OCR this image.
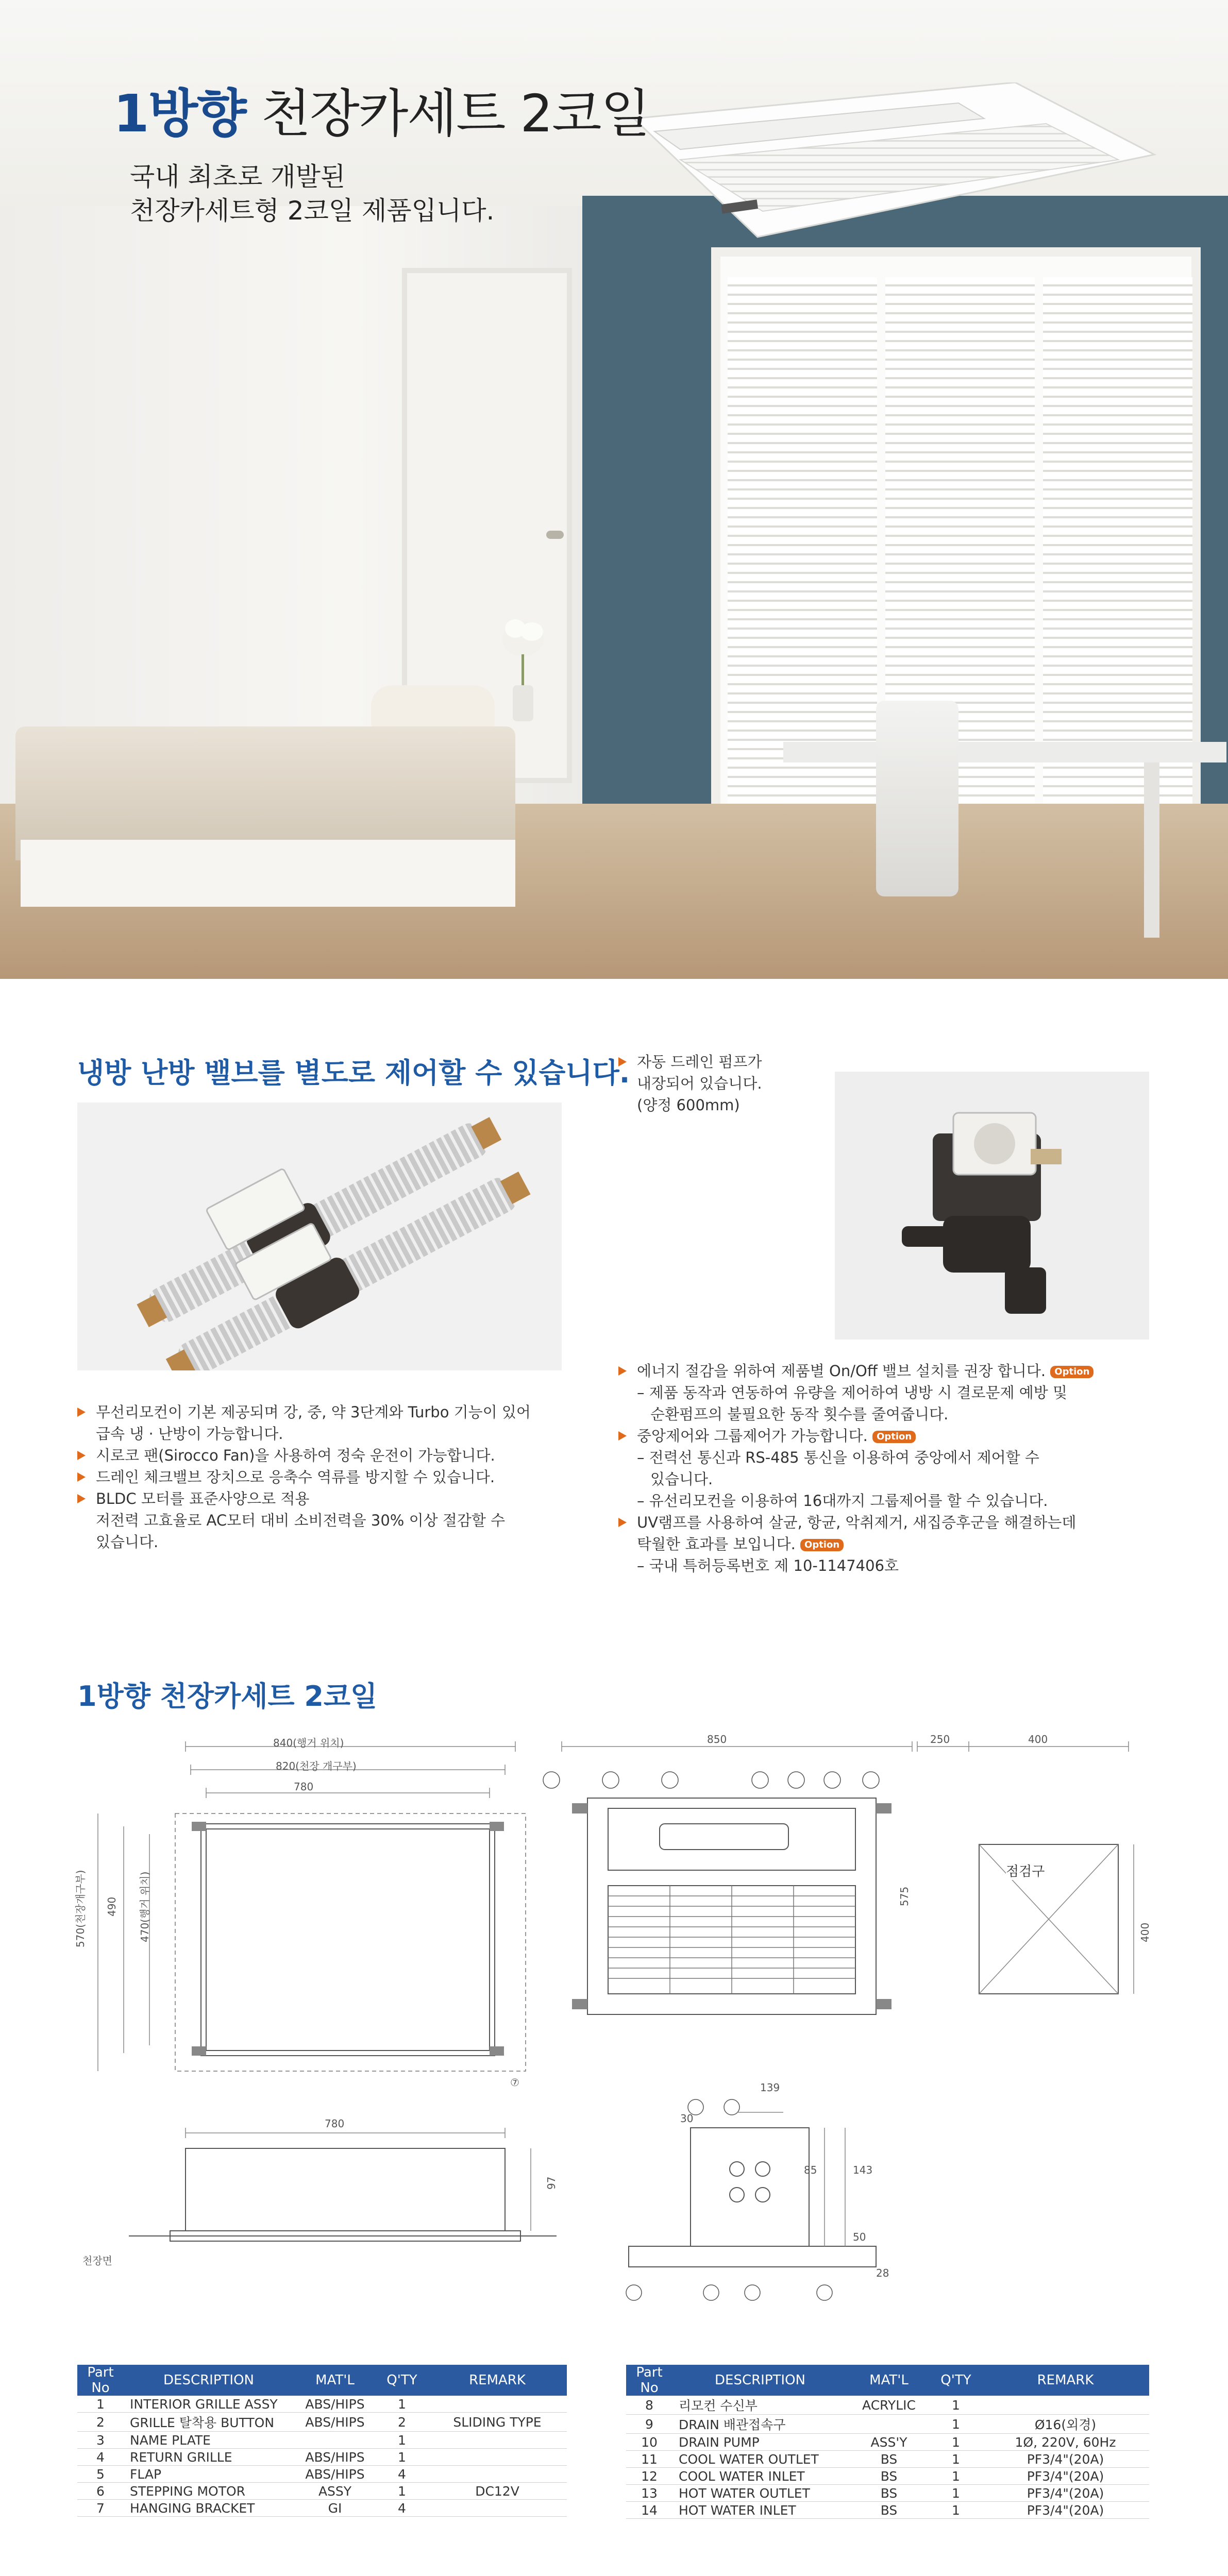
1방향 천장카세트 2코일
국내 최초로 개발된
천장카세트형 2코일 제품입니다.
냉방 난방 밸브를 별도로 제어할 수 있습니다.
무선리모컨이 기본 제공되며 강, 중, 약 3단계와 Turbo 기능이 있어
급속 냉 · 난방이 가능합니다.
시로코 팬(Sirocco Fan)을 사용하여 정숙 운전이 가능합니다.
드레인 체크밸브 장치으로 응축수 역류를 방지할 수 있습니다.
BLDC 모터를 표준사양으로 적용
저전력 고효율로 AC모터 대비 소비전력을 30% 이상 절감할 수
있습니다.
자동 드레인 펌프가
내장되어 있습니다.
(양정 600mm)
에너지 절감을 위하여 제품별 On/Off 밸브 설치를 권장 합니다. Option
– 제품 동작과 연동하여 유량을 제어하여 냉방 시 결로문제 예방 및
순환펌프의 불필요한 동작 횟수를 줄여줍니다.
중앙제어와 그룹제어가 가능합니다. Option
– 전력선 통신과 RS-485 통신을 이용하여 중앙에서 제어할 수
있습니다.
– 유선리모컨을 이용하여 16대까지 그룹제어를 할 수 있습니다.
UV램프를 사용하여 살균, 항균, 악취제거, 새집증후군을 해결하는데
탁월한 효과를 보입니다. Option
– 국내 특허등록번호 제 10-1147406호
1방향 천장카세트 2코일
840(행거 위치)
820(천장 개구부)
780
570(천장개구부) 490 470(행거 위치)
⑦
850
575
250	400
400
점검구
780
97
천장면
139
85	143
50
30
28
Part No	DESCRIPTION	MAT'L	Q'TY	REMARK
1	INTERIOR GRILLE ASSY	ABS/HIPS	1	
2	GRILLE 탈착용 BUTTON	ABS/HIPS	2	SLIDING TYPE
3	NAME PLATE		1	
4	RETURN GRILLE	ABS/HIPS	1	
5	FLAP	ABS/HIPS	4	
6	STEPPING MOTOR	ASSY	1	DC12V
7	HANGING BRACKET	GI	4	
Part No	DESCRIPTION	MAT'L	Q'TY	REMARK
8	리모컨 수신부	ACRYLIC	1	
9	DRAIN 배관접속구		1	Ø16(외경)
10	DRAIN PUMP	ASS'Y	1	1Ø, 220V, 60Hz
11	COOL WATER OUTLET	BS	1	PF3/4"(20A)
12	COOL WATER INLET	BS	1	PF3/4"(20A)
13	HOT WATER OUTLET	BS	1	PF3/4"(20A)
14	HOT WATER INLET	BS	1	PF3/4"(20A)
